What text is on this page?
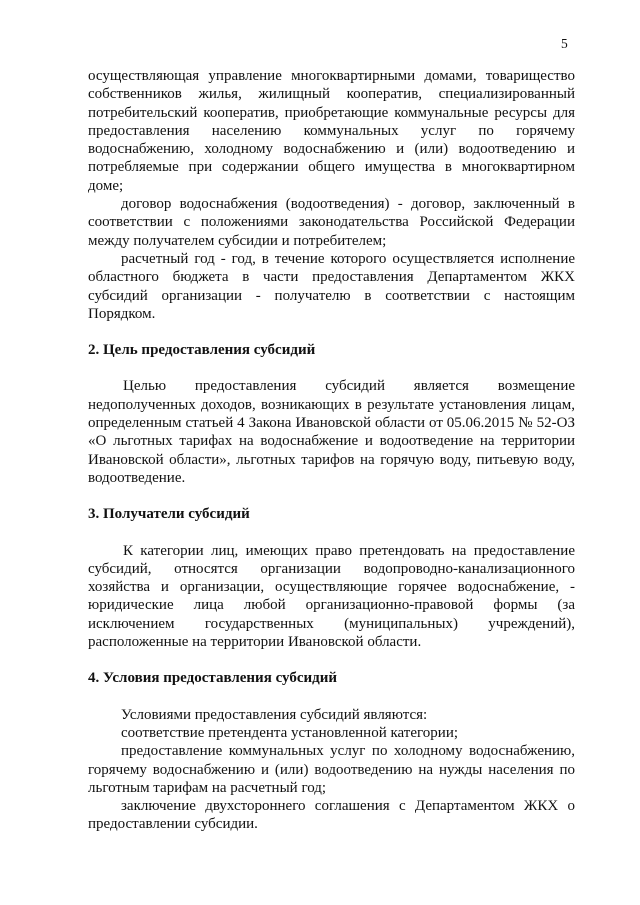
5

осуществляющая управление многоквартирными домами, товарищество собственников жилья, жилищный кооператив, специализированный потребительский кооператив, приобретающие коммунальные ресурсы для предоставления населению коммунальных услуг по горячему водоснабжению, холодному водоснабжению и (или) водоотведению и потребляемые при содержании общего имущества в многоквартирном доме;

договор водоснабжения (водоотведения) - договор, заключенный в соответствии с положениями законодательства Российской Федерации между получателем субсидии и потребителем;

расчетный год - год, в течение которого осуществляется исполнение областного бюджета в части предоставления Департаментом ЖКХ субсидий организации - получателю в соответствии с настоящим Порядком.

2. Цель предоставления субсидий

Целью предоставления субсидий является возмещение недополученных доходов, возникающих в результате установления лицам, определенным статьей 4 Закона Ивановской области от 05.06.2015 № 52-ОЗ «О льготных тарифах на водоснабжение и водоотведение на территории Ивановской области», льготных тарифов на горячую воду, питьевую воду, водоотведение.

3. Получатели субсидий

К категории лиц, имеющих право претендовать на предоставление субсидий, относятся организации водопроводно-канализационного хозяйства и организации, осуществляющие горячее водоснабжение, - юридические лица любой организационно-правовой формы (за исключением государственных (муниципальных) учреждений), расположенные на территории Ивановской области.

4. Условия предоставления субсидий

Условиями предоставления субсидий являются:

соответствие претендента установленной категории;

предоставление коммунальных услуг по холодному водоснабжению, горячему водоснабжению и (или) водоотведению на нужды населения по льготным тарифам на расчетный год;

заключение двухстороннего соглашения с Департаментом ЖКХ о предоставлении субсидии.
